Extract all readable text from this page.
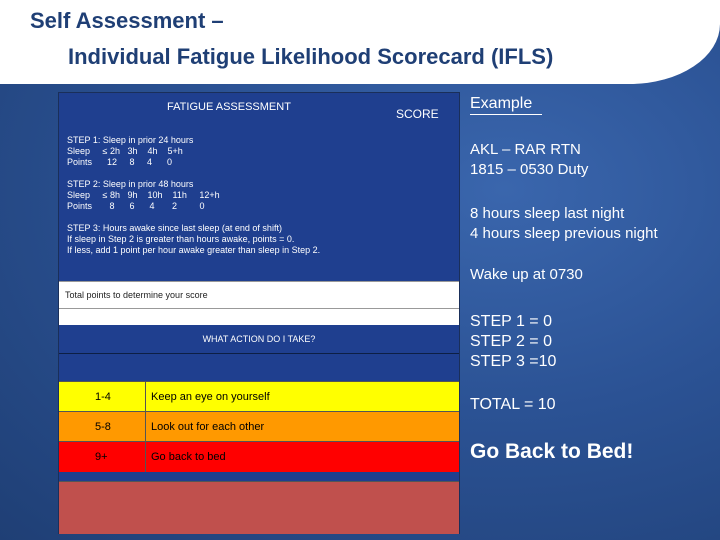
Self Assessment –
Individual Fatigue Likelihood Scorecard (IFLS)
FATIGUE ASSESSMENT
STEP 1: Sleep in prior 24 hours
Sleep     ≤ 2h   3h    4h    5+h
Points      12     8     4      0
STEP 2: Sleep in prior 48 hours
Sleep     ≤ 8h   9h    10h    11h     12+h
Points       8      6      4       2         0
STEP 3: Hours awake since last sleep (at end of shift)
If sleep in Step 2 is greater than hours awake, points = 0.
If less, add 1 point per hour awake greater than sleep in Step 2.
Total points to determine your score
WHAT ACTION DO I TAKE?
1-4	Keep an eye on yourself
5-8	Look out for each other
9+	Go back to bed
SCORE
Example
AKL – RAR RTN
1815 – 0530 Duty
8 hours sleep last night
4 hours sleep previous night
Wake up at 0730
STEP 1 = 0
STEP 2 = 0
STEP 3 =10
TOTAL = 10
Go Back to Bed!
